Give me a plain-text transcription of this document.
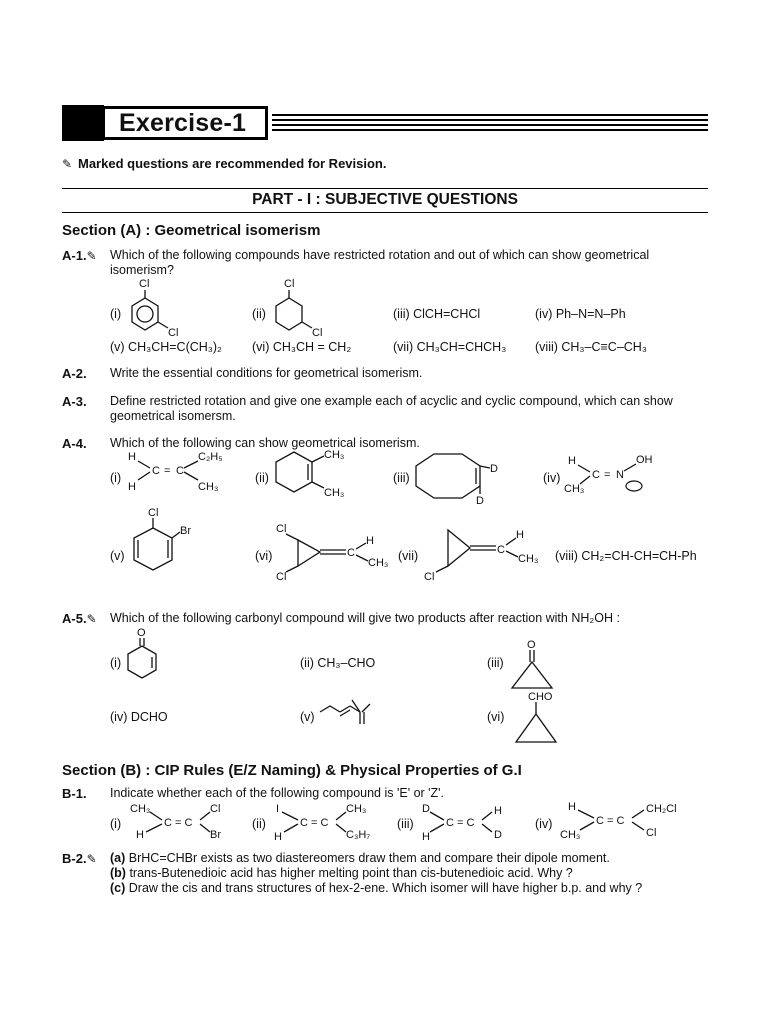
Exercise-1
✎ Marked questions are recommended for Revision.
PART - I : SUBJECTIVE QUESTIONS
Section (A) : Geometrical isomerism
A-1.✎	Which of the following compounds have restricted rotation and out of which can show geometrical isomerism?
(i)
Cl
Cl
(ii)
Cl
Cl
(iii) ClCH=CHCl	(iv) Ph–N=N–Ph
(v) CH₃CH=C(CH₃)₂ (vi) CH₃CH = CH₂	(vii) CH₃CH=CHCH₃ (viii) CH₃–C≡C–CH₃
A-2. Write the essential conditions for geometrical isomerism.
A-3. Define restricted rotation and give one example each of acyclic and cyclic compound, which can show geometrical isomersm.
A-4. Which of the following can show geometrical isomerism.
(i)
H
C = C
C₂H₅
H	CH₃
(ii)
CH₃
CH₃
(iii)
D
D
(iv)
H
C = N
OH
CH₃
(v)
Cl
Br
(vi)
Cl
Cl
C
H
CH₃ (vii)
Cl
C
H
CH₃ (viii) CH₂=CH-CH=CH-Ph
A-5.✎	Which of the following carbonyl compound will give two products after reaction with NH₂OH :
(i)
O
(ii) CH₃–CHO	(iii)
O
(iv) DCHO	(v)	(vi)
CHO
Section (B) : CIP Rules (E/Z Naming) & Physical Properties of G.I
B-1. Indicate whether each of the following compound is 'E' or 'Z'.
(i)
CH₃
H
C = C
Cl
Br
(ii)
I
H
C = C
CH₃
C₃H₇
(iii)
D
H
C = C
H
D
(iv)
H
CH₃
C = C
CH₂Cl
Cl
B-2.✎	(a) BrHC=CHBr exists as two diastereomers draw them and compare their dipole moment.
(b) trans-Butenedioic acid has higher melting point than cis-butenedioic acid. Why ?
(c) Draw the cis and trans structures of hex-2-ene. Which isomer will have higher b.p. and why ?
